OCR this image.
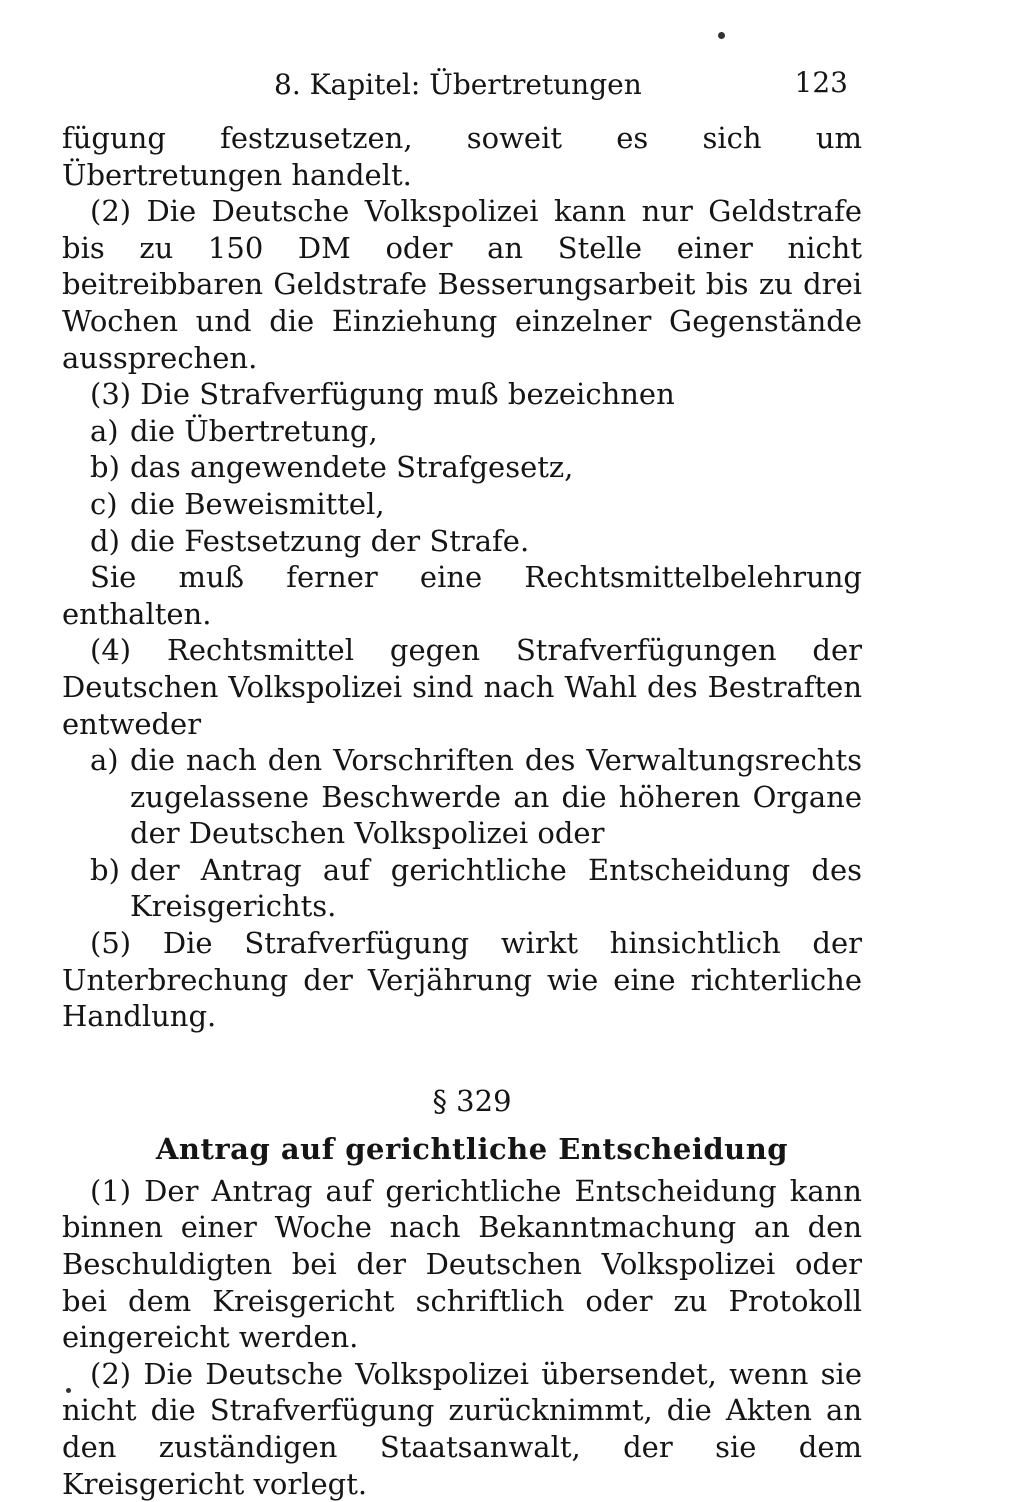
8. Kapitel: Übertretungen	123

fügung festzusetzen, soweit es sich um Übertretungen handelt.

(2) Die Deutsche Volkspolizei kann nur Geldstrafe bis zu 150 DM oder an Stelle einer nicht beitreibbaren Geldstrafe Besserungsarbeit bis zu drei Wochen und die Einziehung einzelner Gegenstände aussprechen.

(3) Die Strafverfügung muß bezeichnen

a) die Übertretung,
b) das angewendete Strafgesetz,
c) die Beweismittel,
d) die Festsetzung der Strafe.

Sie muß ferner eine Rechtsmittelbelehrung enthalten.

(4) Rechtsmittel gegen Strafverfügungen der Deutschen Volkspolizei sind nach Wahl des Bestraften entweder

a) die nach den Vorschriften des Verwaltungsrechts zugelassene Beschwerde an die höheren Organe der Deutschen Volkspolizei oder
b) der Antrag auf gerichtliche Entscheidung des Kreisgerichts.

(5) Die Strafverfügung wirkt hinsichtlich der Unterbrechung der Verjährung wie eine richterliche Handlung.

§ 329
Antrag auf gerichtliche Entscheidung

(1) Der Antrag auf gerichtliche Entscheidung kann binnen einer Woche nach Bekanntmachung an den Beschuldigten bei der Deutschen Volkspolizei oder bei dem Kreisgericht schriftlich oder zu Protokoll eingereicht werden.

(2) Die Deutsche Volkspolizei übersendet, wenn sie nicht die Strafverfügung zurücknimmt, die Akten an den zuständigen Staatsanwalt, der sie dem Kreisgericht vorlegt.
